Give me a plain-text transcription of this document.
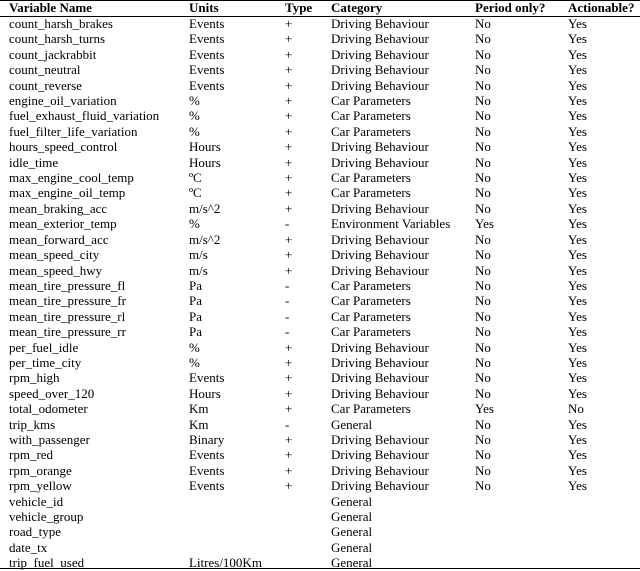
Variable Name	Units	Type	Category	Period only?	Actionable?
count_harsh_brakes	Events	+	Driving Behaviour	No	Yes
count_harsh_turns	Events	+	Driving Behaviour	No	Yes
count_jackrabbit	Events	+	Driving Behaviour	No	Yes
count_neutral	Events	+	Driving Behaviour	No	Yes
count_reverse	Events	+	Driving Behaviour	No	Yes
engine_oil_variation	%	+	Car Parameters	No	Yes
fuel_exhaust_fluid_variation	%	+	Car Parameters	No	Yes
fuel_filter_life_variation	%	+	Car Parameters	No	Yes
hours_speed_control	Hours	+	Driving Behaviour	No	Yes
idle_time	Hours	+	Driving Behaviour	No	Yes
max_engine_cool_temp	ºC	+	Car Parameters	No	Yes
max_engine_oil_temp	ºC	+	Car Parameters	No	Yes
mean_braking_acc	m/s^2	+	Driving Behaviour	No	Yes
mean_exterior_temp	%	-	Environment Variables	Yes	Yes
mean_forward_acc	m/s^2	+	Driving Behaviour	No	Yes
mean_speed_city	m/s	+	Driving Behaviour	No	Yes
mean_speed_hwy	m/s	+	Driving Behaviour	No	Yes
mean_tire_pressure_fl	Pa	-	Car Parameters	No	Yes
mean_tire_pressure_fr	Pa	-	Car Parameters	No	Yes
mean_tire_pressure_rl	Pa	-	Car Parameters	No	Yes
mean_tire_pressure_rr	Pa	-	Car Parameters	No	Yes
per_fuel_idle	%	+	Driving Behaviour	No	Yes
per_time_city	%	+	Driving Behaviour	No	Yes
rpm_high	Events	+	Driving Behaviour	No	Yes
speed_over_120	Hours	+	Driving Behaviour	No	Yes
total_odometer	Km	+	Car Parameters	Yes	No
trip_kms	Km	-	General	No	Yes
with_passenger	Binary	+	Driving Behaviour	No	Yes
rpm_red	Events	+	Driving Behaviour	No	Yes
rpm_orange	Events	+	Driving Behaviour	No	Yes
rpm_yellow	Events	+	Driving Behaviour	No	Yes
vehicle_id			General		
vehicle_group			General		
road_type			General		
date_tx			General		
trip_fuel_used	Litres/100Km		General		
